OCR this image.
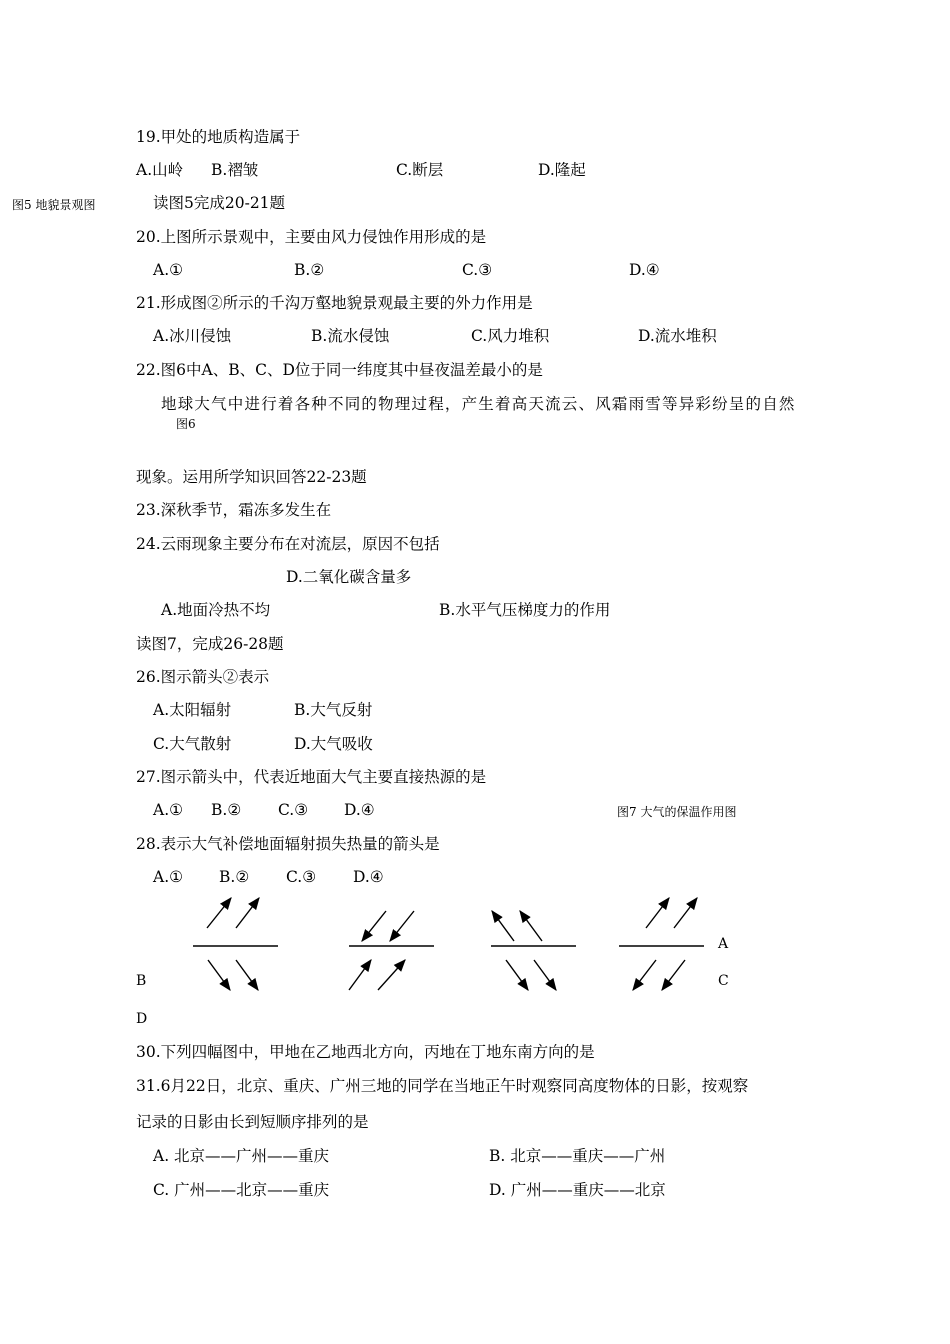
19.甲处的地质构造属于
A.山岭 B.褶皱	C.断层	D.隆起
图5 地貌景观图	读图5完成20-21题
20.上图所示景观中，主要由风力侵蚀作用形成的是
A.①	B.②	C.③	D.④
21.形成图②所示的千沟万壑地貌景观最主要的外力作用是
A.冰川侵蚀	B.流水侵蚀	C.风力堆积	D.流水堆积
22.图6中A、B、C、D位于同一纬度其中昼夜温差最小的是
地球大气中进行着各种不同的物理过程，产生着高天流云、风霜雨雪等异彩纷呈的自然
图6
现象。运用所学知识回答22-23题
23.深秋季节，霜冻多发生在
24.云雨现象主要分布在对流层，原因不包括
D.二氧化碳含量多
A.地面冷热不均	B.水平气压梯度力的作用
读图7，完成26-28题
26.图示箭头②表示
A.太阳辐射	B.大气反射
C.大气散射	D.大气吸收
27.图示箭头中，代表近地面大气主要直接热源的是
A.① B.② C.③ D.④	图7 大气的保温作用图
28.表示大气补偿地面辐射损失热量的箭头是
A.① B.② C.③ D.④
A
B	C
D
30.下列四幅图中，甲地在乙地西北方向，丙地在丁地东南方向的是
31.6月22日，北京、重庆、广州三地的同学在当地正午时观察同高度物体的日影，按观察
记录的日影由长到短顺序排列的是
A. 北京——广州——重庆	B. 北京——重庆——广州
C. 广州——北京——重庆	D. 广州——重庆——北京
